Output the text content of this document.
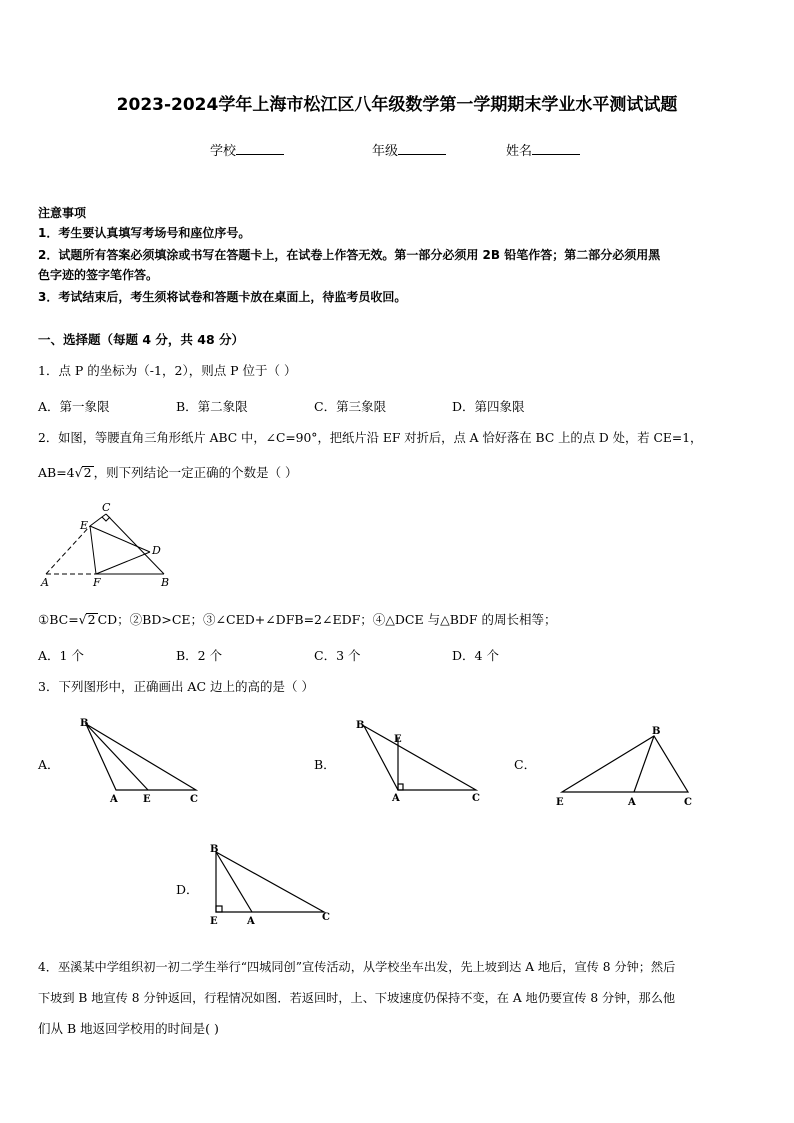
2023-2024学年上海市松江区八年级数学第一学期期末学业水平测试试题
学校	年级	姓名
注意事项
1．考生要认真填写考场号和座位序号。
2．试题所有答案必须填涂或书写在答题卡上，在试卷上作答无效。第一部分必须用 2B 铅笔作答；第二部分必须用黑
色字迹的签字笔作答。
3．考试结束后，考生须将试卷和答题卡放在桌面上，待监考员收回。
一、选择题（每题 4 分，共 48 分）
1．点 P 的坐标为（-1，2），则点 P 位于（ ）
A．第一象限	B．第二象限	C．第三象限	D．第四象限
2．如图，等腰直角三角形纸片 ABC 中，∠C=90°，把纸片沿 EF 对折后，点 A 恰好落在 BC 上的点 D 处，若 CE=1，
AB=4√2 ，则下列结论一定正确的个数是（ ）
A	B
C
D
E
F
①BC=√2 CD；②BD>CE；③∠CED+∠DFB=2∠EDF；④△DCE 与△BDF 的周长相等；
A．1 个	B．2 个	C．3 个	D．4 个
3．下列图形中，正确画出 AC 边上的高的是（ ）
A．
B
A	E	C
B．
B
E
A	C
C．
E	A	C
B
D．
B
E	A	C
4．巫溪某中学组织初一初二学生举行“四城同创”宣传活动，从学校坐车出发，先上坡到达 A 地后，宣传 8 分钟；然后
下坡到 B 地宣传 8 分钟返回，行程情况如图．若返回时，上、下坡速度仍保持不变，在 A 地仍要宣传 8 分钟，那么他
们从 B 地返回学校用的时间是( )
